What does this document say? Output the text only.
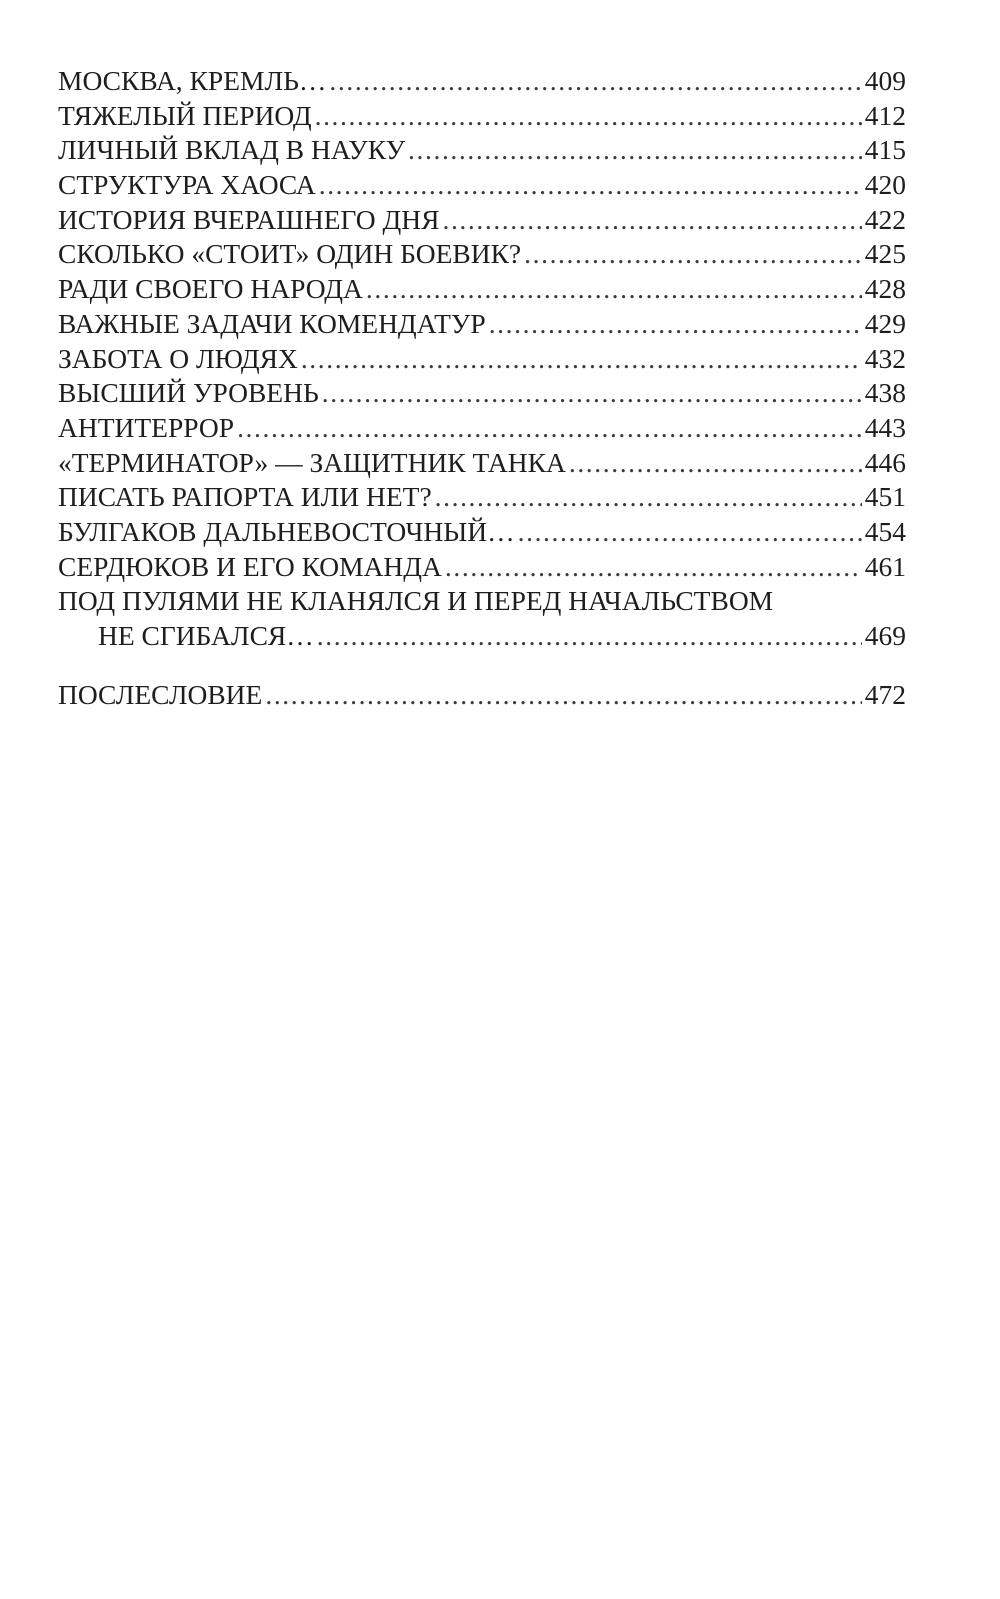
МОСКВА, КРЕМЛЬ… .....	409
ТЯЖЕЛЫЙ ПЕРИОД .....	412
ЛИЧНЫЙ ВКЛАД В НАУКУ .....	415
СТРУКТУРА ХАОСА .....	420
ИСТОРИЯ ВЧЕРАШНЕГО ДНЯ .....	422
СКОЛЬКО «СТОИТ» ОДИН БОЕВИК? .....	425
РАДИ СВОЕГО НАРОДА .....	428
ВАЖНЫЕ ЗАДАЧИ КОМЕНДАТУР .....	429
ЗАБОТА О ЛЮДЯХ .....	432
ВЫСШИЙ УРОВЕНЬ .....	438
АНТИТЕРРОР .....	443
«ТЕРМИНАТОР» — ЗАЩИТНИК ТАНКА .....	446
ПИСАТЬ РАПОРТА ИЛИ НЕТ? .....	451
БУЛГАКОВ ДАЛЬНЕВОСТОЧНЫЙ… .....	454
СЕРДЮКОВ И ЕГО КОМАНДА .....	461
ПОД ПУЛЯМИ НЕ КЛАНЯЛСЯ И ПЕРЕД НАЧАЛЬСТВОМ
НЕ СГИБАЛСЯ… .....	469
ПОСЛЕСЛОВИЕ .....	472
